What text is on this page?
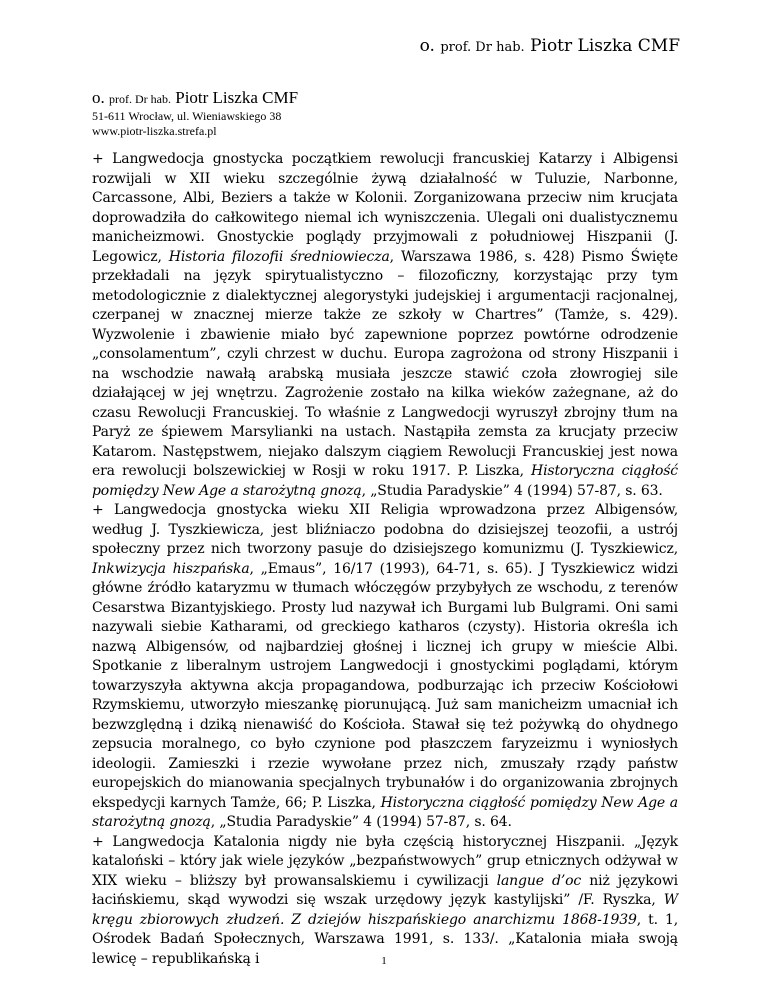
o. prof. Dr hab. Piotr Liszka CMF
o. prof. Dr hab. Piotr Liszka CMF
51-611 Wrocław, ul. Wieniawskiego 38
www.piotr-liszka.strefa.pl

+ Langwedocja gnostycka początkiem rewolucji francuskiej Katarzy i Albigensi rozwijali w XII wieku szczególnie żywą działalność w Tuluzie, Narbonne, Carcassone, Albi, Beziers a także w Kolonii. Zorganizowana przeciw nim krucjata doprowadziła do całkowitego niemal ich wyniszczenia. Ulegali oni dualistycznemu manicheizmowi. Gnostyckie poglądy przyjmowali z południowej Hiszpanii (J. Legowicz, Historia filozofii średniowiecza, Warszawa 1986, s. 428) Pismo Święte przekładali na język spirytualistyczno – filozoficzny, korzystając przy tym metodologicznie z dialektycznej alegorystyki judejskiej i argumentacji racjonalnej, czerpanej w znacznej mierze także ze szkoły w Chartres” (Tamże, s. 429). Wyzwolenie i zbawienie miało być zapewnione poprzez powtórne odrodzenie „consolamentum”, czyli chrzest w duchu. Europa zagrożona od strony Hiszpanii i na wschodzie nawałą arabską musiała jeszcze stawić czoła złowrogiej sile działającej w jej wnętrzu. Zagrożenie zostało na kilka wieków zażegnane, aż do czasu Rewolucji Francuskiej. To właśnie z Langwedocji wyruszył zbrojny tłum na Paryż ze śpiewem Marsylianki na ustach. Nastąpiła zemsta za krucjaty przeciw Katarom. Następstwem, niejako dalszym ciągiem Rewolucji Francuskiej jest nowa era rewolucji bolszewickiej w Rosji w roku 1917. P. Liszka, Historyczna ciągłość pomiędzy New Age a starożytną gnozą, „Studia Paradyskie” 4 (1994) 57-87, s. 63.

+ Langwedocja gnostycka wieku XII Religia wprowadzona przez Albigensów, według J. Tyszkiewicza, jest bliźniaczo podobna do dzisiejszej teozofii, a ustrój społeczny przez nich tworzony pasuje do dzisiejszego komunizmu (J. Tyszkiewicz, Inkwizycja hiszpańska, „Emaus”, 16/17 (1993), 64-71, s. 65). J Tyszkiewicz widzi główne źródło kataryzmu w tłumach włóczęgów przybyłych ze wschodu, z terenów Cesarstwa Bizantyjskiego. Prosty lud nazywał ich Burgami lub Bulgrami. Oni sami nazywali siebie Katharami, od greckiego katharos (czysty). Historia określa ich nazwą Albigensów, od najbardziej głośnej i licznej ich grupy w mieście Albi. Spotkanie z liberalnym ustrojem Langwedocji i gnostyckimi poglądami, którym towarzyszyła aktywna akcja propagandowa, podburzając ich przeciw Kościołowi Rzymskiemu, utworzyło mieszankę piorunującą. Już sam manicheizm umacniał ich bezwzględną i dziką nienawiść do Kościoła. Stawał się też pożywką do ohydnego zepsucia moralnego, co było czynione pod płaszczem faryzeizmu i wyniosłych ideologii. Zamieszki i rzezie wywołane przez nich, zmuszały rządy państw europejskich do mianowania specjalnych trybunałów i do organizowania zbrojnych ekspedycji karnych Tamże, 66; P. Liszka, Historyczna ciągłość pomiędzy New Age a starożytną gnozą, „Studia Paradyskie” 4 (1994) 57-87, s. 64.

+ Langwedocja Katalonia nigdy nie była częścią historycznej Hiszpanii. „Język kataloński – który jak wiele języków „bezpaństwowych” grup etnicznych odżywał w XIX wieku – bliższy był prowansalskiemu i cywilizacji langue d’oc niż językowi łacińskiemu, skąd wywodzi się wszak urzędowy język kastylijski” /F. Ryszka, W kręgu zbiorowych złudzeń. Z dziejów hiszpańskiego anarchizmu 1868-1939, t. 1, Ośrodek Badań Społecznych, Warszawa 1991, s. 133/. „Katalonia miała swoją lewicę – republikańską i	1
